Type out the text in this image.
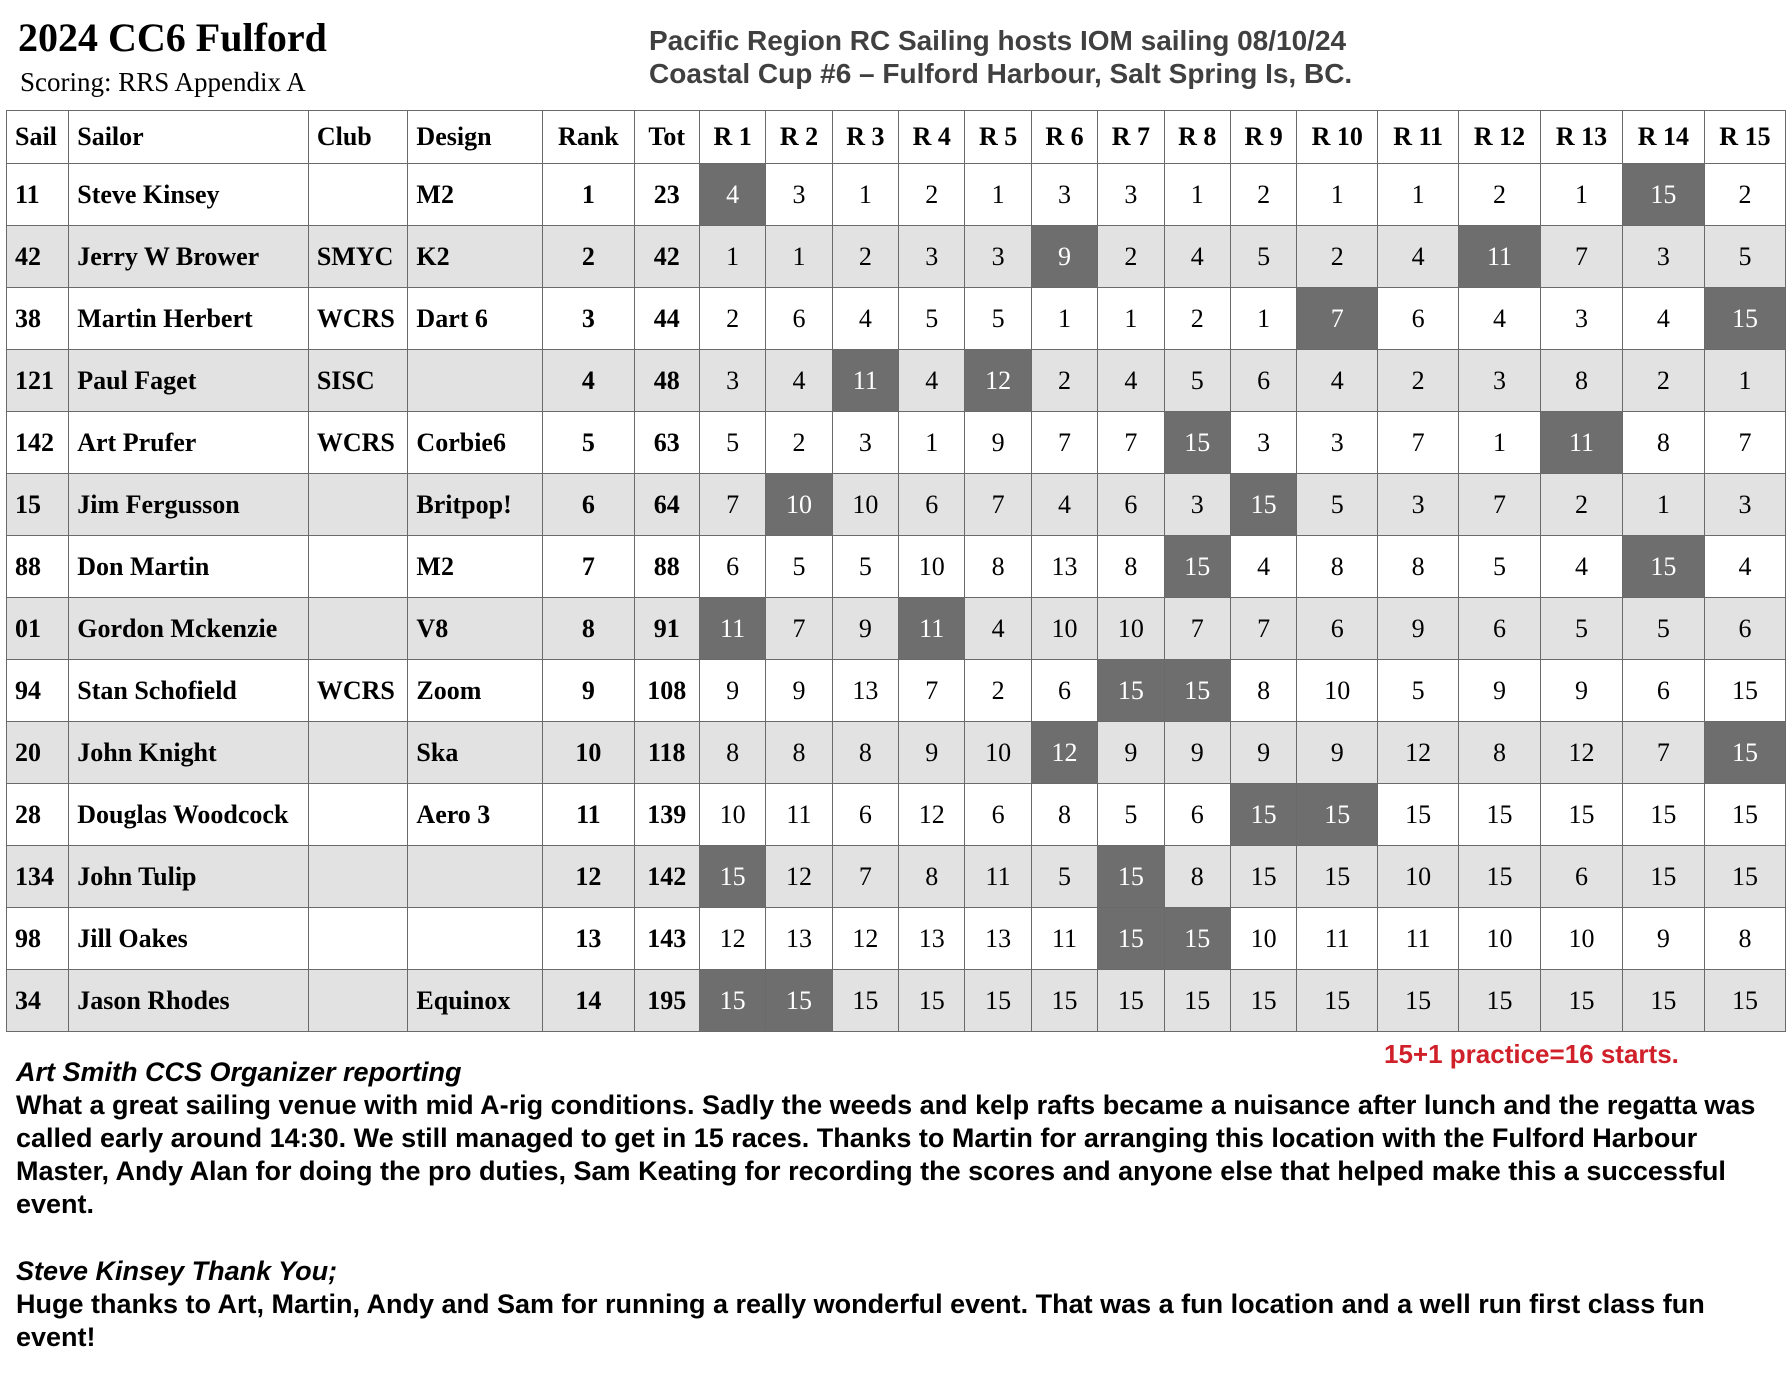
2024 CC6 Fulford
Scoring: RRS Appendix A
Pacific Region RC Sailing hosts IOM sailing 08/10/24
Coastal Cup #6 – Fulford Harbour, Salt Spring Is, BC.
Sail	Sailor	Club	Design	Rank	Tot	R 1	R 2	R 3	R 4	R 5	R 6	R 7	R 8	R 9	R 10	R 11	R 12	R 13	R 14	R 15
11	Steve Kinsey		M2	1	23	4	3	1	2	1	3	3	1	2	1	1	2	1	15	2
42	Jerry W Brower	SMYC	K2	2	42	1	1	2	3	3	9	2	4	5	2	4	11	7	3	5
38	Martin Herbert	WCRS	Dart 6	3	44	2	6	4	5	5	1	1	2	1	7	6	4	3	4	15
121	Paul Faget	SISC		4	48	3	4	11	4	12	2	4	5	6	4	2	3	8	2	1
142	Art Prufer	WCRS	Corbie6	5	63	5	2	3	1	9	7	7	15	3	3	7	1	11	8	7
15	Jim Fergusson		Britpop!	6	64	7	10	10	6	7	4	6	3	15	5	3	7	2	1	3
88	Don Martin		M2	7	88	6	5	5	10	8	13	8	15	4	8	8	5	4	15	4
01	Gordon Mckenzie		V8	8	91	11	7	9	11	4	10	10	7	7	6	9	6	5	5	6
94	Stan Schofield	WCRS	Zoom	9	108	9	9	13	7	2	6	15	15	8	10	5	9	9	6	15
20	John Knight		Ska	10	118	8	8	8	9	10	12	9	9	9	9	12	8	12	7	15
28	Douglas Woodcock		Aero 3	11	139	10	11	6	12	6	8	5	6	15	15	15	15	15	15	15
134	John Tulip			12	142	15	12	7	8	11	5	15	8	15	15	10	15	6	15	15
98	Jill Oakes			13	143	12	13	12	13	13	11	15	15	10	11	11	10	10	9	8
34	Jason Rhodes		Equinox	14	195	15	15	15	15	15	15	15	15	15	15	15	15	15	15	15
15+1 practice=16 starts.
Art Smith CCS Organizer reporting
What a great sailing venue with mid A-rig conditions. Sadly the weeds and kelp rafts became a nuisance after lunch and the regatta was called early around 14:30. We still managed to get in 15 races. Thanks to Martin for arranging this location with the Fulford Harbour Master, Andy Alan for doing the pro duties, Sam Keating for recording the scores and anyone else that helped make this a successful event.
Steve Kinsey Thank You;
Huge thanks to Art, Martin, Andy and Sam for running a really wonderful event. That was a fun location and a well run first class fun event!
